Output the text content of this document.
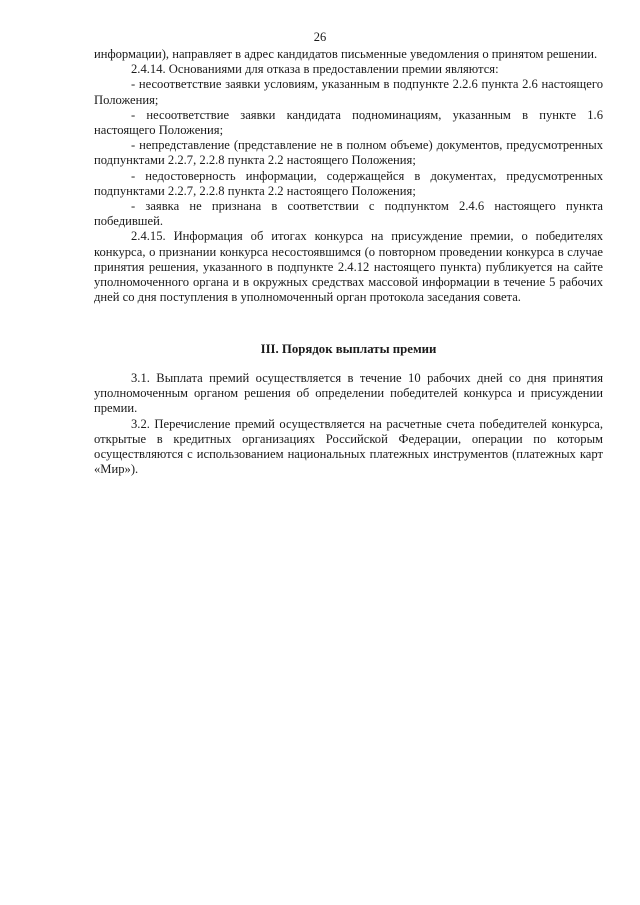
26

информации), направляет в адрес кандидатов письменные уведомления о принятом решении.

2.4.14. Основаниями для отказа в предоставлении премии являются:

- несоответствие заявки условиям, указанным в подпункте 2.2.6 пункта 2.6 настоящего Положения;

- несоответствие заявки кандидата подноминациям, указанным в пункте 1.6 настоящего Положения;

- непредставление (представление не в полном объеме) документов, предусмотренных подпунктами 2.2.7, 2.2.8 пункта 2.2 настоящего Положения;

- недостоверность информации, содержащейся в документах, предусмотренных подпунктами 2.2.7, 2.2.8 пункта 2.2 настоящего Положения;

- заявка не признана в соответствии с подпунктом 2.4.6 настоящего пункта победившей.

2.4.15. Информация об итогах конкурса на присуждение премии, о победителях конкурса, о признании конкурса несостоявшимся (о повторном проведении конкурса в случае принятия решения, указанного в подпункте 2.4.12 настоящего пункта) публикуется на сайте уполномоченного органа и в окружных средствах массовой информации в течение 5 рабочих дней со дня поступления в уполномоченный орган протокола заседания совета.

III. Порядок выплаты премии

3.1. Выплата премий осуществляется в течение 10 рабочих дней со дня принятия уполномоченным органом решения об определении победителей конкурса и присуждении премии.

3.2. Перечисление премий осуществляется на расчетные счета победителей конкурса, открытые в кредитных организациях Российской Федерации, операции по которым осуществляются с использованием национальных платежных инструментов (платежных карт «Мир»).
